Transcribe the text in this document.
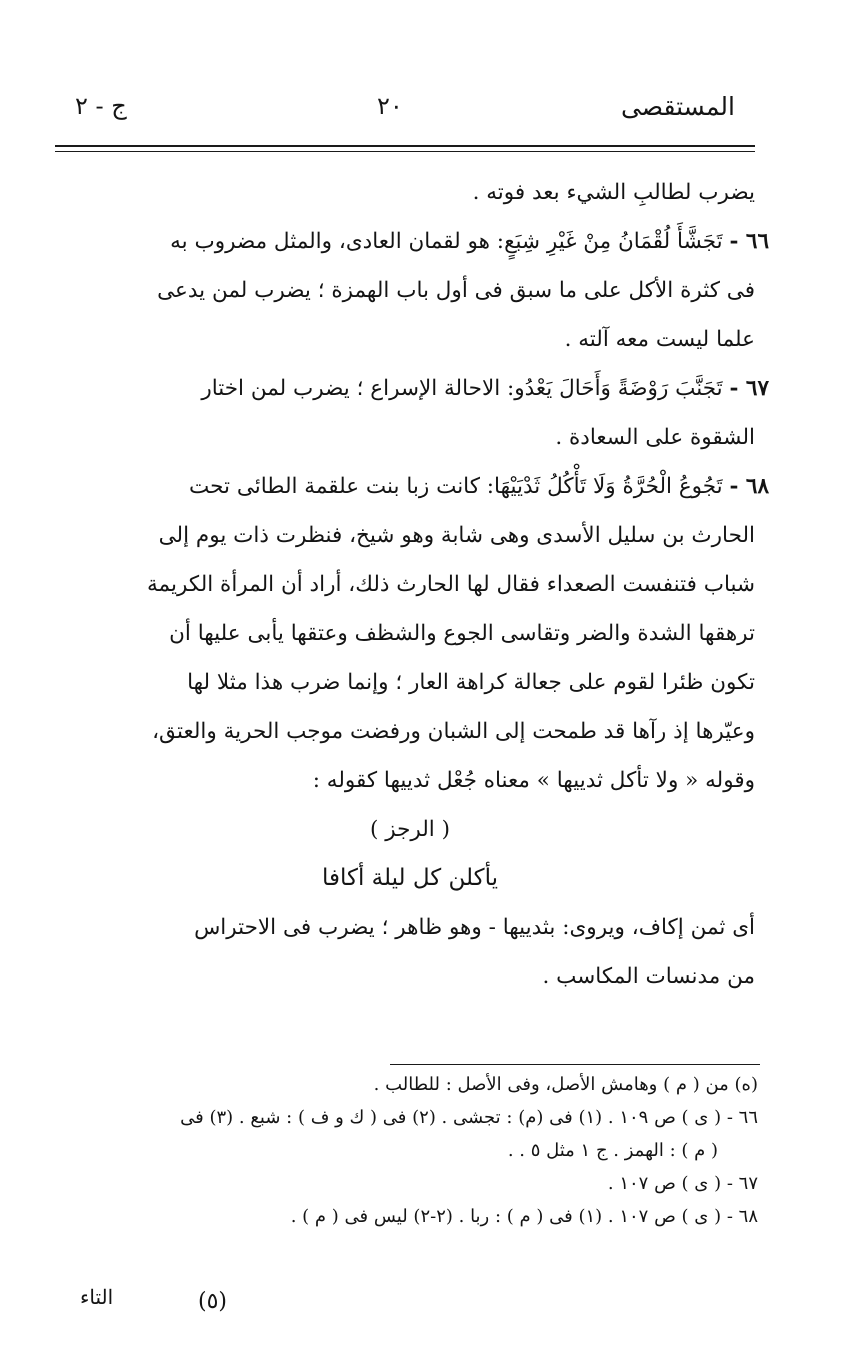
المستقصى
٢٠
ج - ٢

يضرب لطالبِ الشيء بعد فوته .

٦٦ - تَجَشَّأَ لُقْمَانُ مِنْ غَيْرِ شِبَعٍ: هو لقمان العادى، والمثل مضروب به
فى كثرة الأكل على ما سبق فى أول باب الهمزة ؛ يضرب لمن يدعى
علما ليست معه آلته .

٦٧ - تَجَنَّبَ رَوْضَةً وَأَحَالَ يَعْدُو: الاحالة الإسراع ؛ يضرب لمن اختار
الشقوة على السعادة .

٦٨ - تَجُوعُ الْحُرَّةُ وَلَا تَأْكُلُ ثَدْيَيْهَا: كانت زبا بنت علقمة الطائى تحت
الحارث بن سليل الأسدى وهى شابة وهو شيخ، فنظرت ذات يوم إلى
شباب فتنفست الصعداء فقال لها الحارث ذلك، أراد أن المرأة الكريمة
ترهقها الشدة والضر وتقاسى الجوع والشظف وعتقها يأبى عليها أن
تكون ظئرا لقوم على جعالة كراهة العار ؛ وإنما ضرب هذا مثلا لها
وعيّرها إذ رآها قد طمحت إلى الشبان ورفضت موجب الحرية والعتق،
وقوله « ولا تأكل ثدييها » معناه جُعْل ثدييها كقوله :

( الرجز )
يأكلن كل ليلة أكافا

أى ثمن إكاف، ويروى: بثدييها - وهو ظاهر ؛ يضرب فى الاحتراس
من مدنسات المكاسب .

(ه) من ( م ) وهامش الأصل، وفى الأصل : للطالب .
٦٦ - ( ى ) ص ١٠٩ . (١) فى (م) : تجشى . (٢) فى ( ك و ف ) : شبع . (٣) فى
( م ) : الهمز . ج ١ مثل ٥ . .
٦٧ - ( ى ) ص ١٠٧ .
٦٨ - ( ى ) ص ١٠٧ . (١) فى ( م ) : ربا . (٢-٢) ليس فى ( م ) .
التاء	(٥)
